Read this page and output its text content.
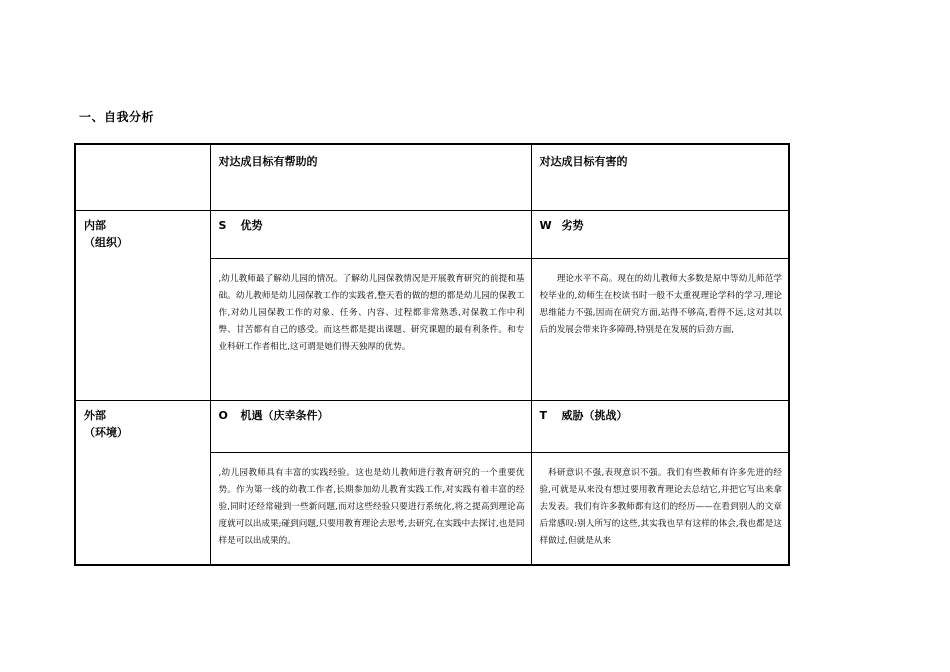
一、自我分析
	对达成目标有帮助的	对达成目标有害的

内部
（组织）	S 优势	W 劣势

	,幼儿教师最了解幼儿园的情况。了解幼儿园保教情况是开展教育研究的前提和基础。幼儿教师是幼儿园保教工作的实践者,整天看的做的想的都是幼儿园的保教工作,对幼儿园保教工作的对象、任务、内容、过程都非常熟悉,对保教工作中利弊、甘苦都有自己的感受。而这些都是提出课题、研究课题的最有利条件。和专业科研工作者相比,这可谓是她们得天独厚的优势。	理论水平不高。现在的幼儿教师大多数是原中等幼儿师范学校毕业的,幼师生在校读书时一般不太重视理论学科的学习,理论思维能力不强,因而在研究方面,站得不够高,看得不远,这对其以后的发展会带来许多障碍,特别是在发展的后劲方面,

外部
（环境）	O 机遇（庆幸条件）	T 威胁（挑战）

	,幼儿园教师具有丰富的实践经验。这也是幼儿教师进行教育研究的一个重要优势。作为第一线的幼教工作者,长期参加幼儿教育实践工作,对实践有着丰富的经验,同时还经常碰到一些新问题,而对这些经验只要进行系统化,将之提高到理论高度就可以出成果;碰到问题,只要用教育理论去思考,去研究,在实践中去探讨,也是同样是可以出成果的。	科研意识不强,表现意识不强。我们有些教师有许多先进的经验,可就是从来没有想过要用教育理论去总结它,并把它写出来拿去发表。我们有许多教师都有这们的经历——在看到别人的文章后常感叹:别人所写的这些,其实我也早有这样的体会,我也都是这样做过,但就是从来
